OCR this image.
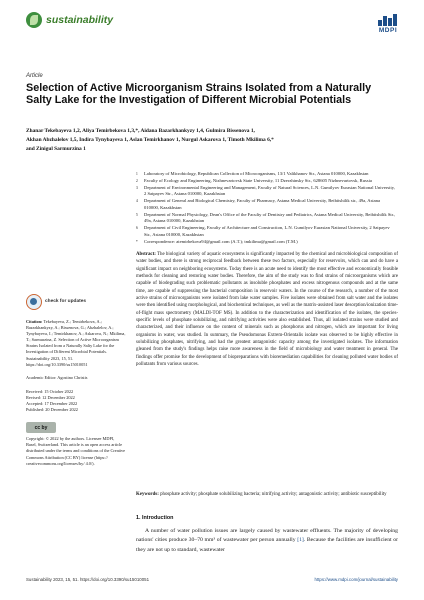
sustainability
MDPI
Article
Selection of Active Microorganism Strains Isolated from a Naturally Salty Lake for the Investigation of Different Microbial Potentials
Zhanar Tekebayeva 1,2, Aliya Temirbekova 1,3,*, Aidana Bazarkhankyzy 1,4, Gulmira Bissenova 1,
Akhan Abzhalelov 1,5, Indira Tynybayeva 1, Aslan Temirkhanov 1, Nurgul Askarova 1, Timoth Mkilima 6,*
and Zinigul Sarmurzina 1
1	Laboratory of Microbiology, Republican Collection of Microorganisms, 13/1 Valikhanov Str., Astana 010000, Kazakhstan
2	Faculty of Ecology and Engineering, Nizhnevartovsk State University, 11 Dzerzhinsky Str., 628605 Nizhnevartovsk, Russia
3	Department of Environmental Engineering and Management, Faculty of Natural Sciences, L.N. Gumilyov Eurasian National University, 2 Satpayev Str., Astana 010000, Kazakhstan
4	Department of General and Biological Chemistry, Faculty of Pharmacy, Astana Medical University, Beibitshilik str., 49a, Astana 010000, Kazakhstan
5	Department of Normal Physiology, Dean's Office of the Faculty of Dentistry and Pediatrics, Astana Medical University, Beibitshilik Str., 49a, Astana 010000, Kazakhstan
6	Department of Civil Engineering, Faculty of Architecture and Construction, L.N. Gumilyov Eurasian National University, 2 Satpayev Str., Astana 010000, Kazakhstan
*	Correspondence: atemirbekova94@gmail.com (A.T.); tmkilima@gmail.com (T.M.)
Abstract: The biological variety of aquatic ecosystems is significantly impacted by the chemical and microbiological composition of water bodies, and there is strong reciprocal feedback between these two factors, especially for reservoirs, which can and do have a significant impact on neighboring ecosystems. Today there is an acute need to identify the most effective and economically feasible methods for cleaning and restoring water bodies. Therefore, the aim of the study was to find strains of microorganisms which are capable of biodegrading such problematic pollutants as insoluble phosphates and excess nitrogenous compounds and at the same time, are capable of suppressing the bacterial composition in reservoir waters. In the course of the research, a number of the most active strains of microorganisms were isolated from lake water samples. Five isolates were obtained from salt water and the isolates were then identified using morphological, and biochemical techniques, as well as the matrix-assisted laser desorption/ionization time-of-flight mass spectrometry (MALDI-TOF MS). In addition to the characterization and identification of the isolates, the species-specific levels of phosphate solubilizing, and nitrifying activities were also established. Thus, all isolated strains were studied and characterized, and their influence on the content of minerals such as phosphorus and nitrogen, which are important for living organisms in water, was studied. In summary, the Pseudomonas Extrem-Orientalis isolate was observed to be highly effective in solubilizing phosphates, nitrifying, and had the greatest antagonistic capacity among the investigated isolates. The information gleaned from the study's findings helps raise more awareness in the field of microbiology and water treatment in general. The findings offer promise for the development of biopreparations with bioremediation capabilities for cleaning polluted water bodies of pollutants from various sources.
Keywords: phosphate activity; phosphate solubilizing bacteria; nitrifying activity; antagonistic activity; antibiotic susceptibility
check for updates
Citation: Tekebayeva, Z.; Temirbekova, A.; Bazarkhankyzy, A.; Bissenova, G.; Abzhalelov, A.; Tynybayeva, I.; Temirkhanov, A.; Askarova, N.; Mkilima, T.; Sarmurzina, Z. Selection of Active Microorganism Strains Isolated from a Naturally Salty Lake for the Investigation of Different Microbial Potentials. Sustainability 2023, 15, 51. https://doi.org/10.3390/su15010051
Academic Editor: Agostino Christis
Received: 15 October 2022
Revised: 12 December 2022
Accepted: 17 December 2022
Published: 20 December 2022
cc by
Copyright: © 2022 by the authors. Licensee MDPI, Basel, Switzerland. This article is an open access article distributed under the terms and conditions of the Creative Commons Attribution (CC BY) license (https:// creativecommons.org/licenses/by/ 4.0/).
1. Introduction
A number of water pollution issues are largely caused by wastewater effluents. The majority of developing nations' cities produce 30–70 mm³ of wastewater per person annually [1]. Because the facilities are insufficient or they are not up to standard, wastewater
Sustainability 2023, 15, 51. https://doi.org/10.3390/su15010051	https://www.mdpi.com/journal/sustainability
